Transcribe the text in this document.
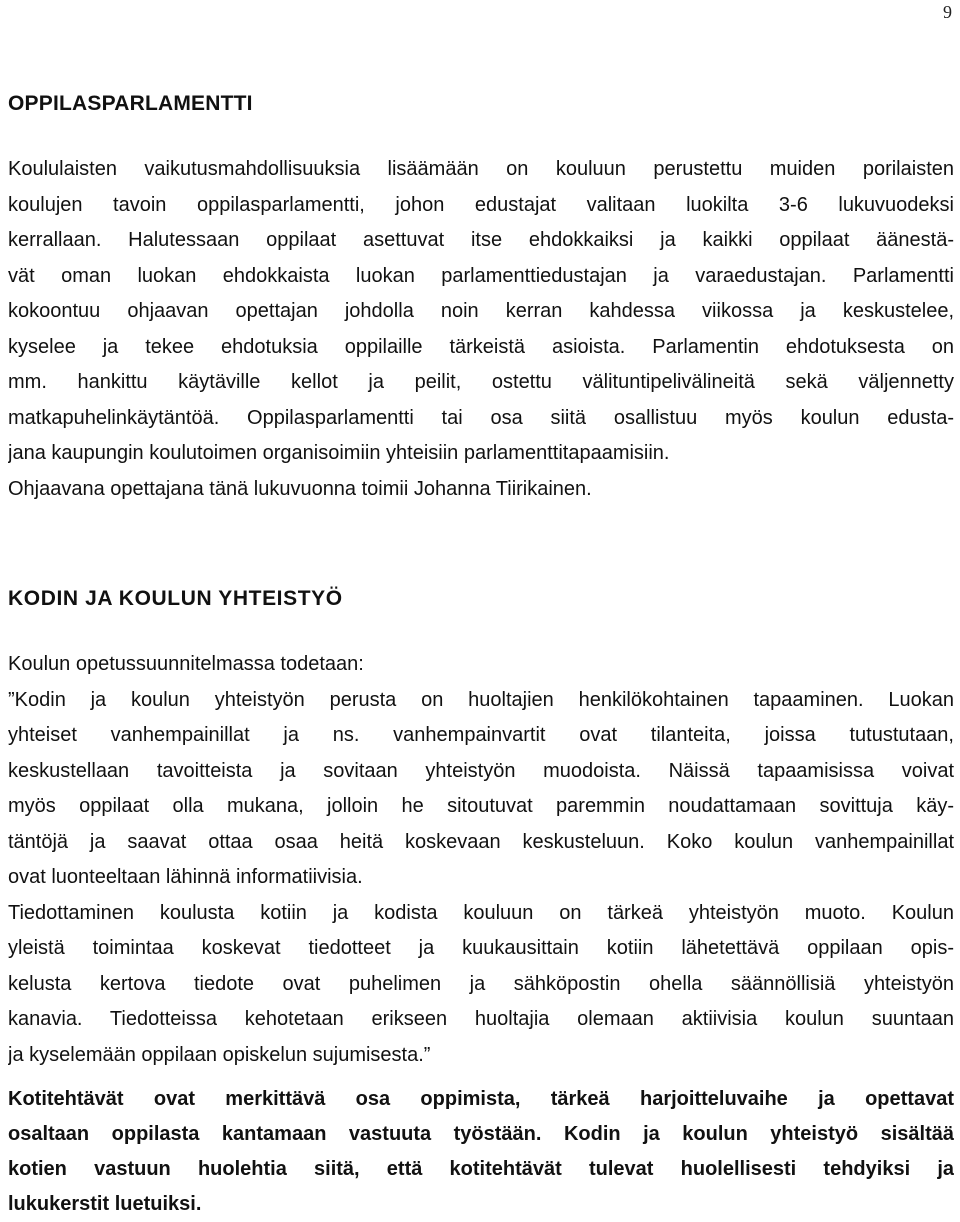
9
OPPILASPARLAMENTTI
Koululaisten vaikutusmahdollisuuksia lisäämään on kouluun perustettu muiden porilaisten
koulujen tavoin oppilasparlamentti, johon edustajat valitaan luokilta 3-6 lukuvuodeksi
kerrallaan. Halutessaan oppilaat asettuvat itse ehdokkaiksi ja kaikki oppilaat äänestä-
vät oman luokan ehdokkaista luokan parlamenttiedustajan ja varaedustajan. Parlamentti
kokoontuu ohjaavan opettajan johdolla noin kerran kahdessa viikossa ja keskustelee,
kyselee ja tekee ehdotuksia oppilaille tärkeistä asioista. Parlamentin ehdotuksesta on
mm. hankittu käytäville kellot ja peilit, ostettu välituntipelivälineitä sekä väljennetty
matkapuhelinkäytäntöä. Oppilasparlamentti tai osa siitä osallistuu myös koulun edusta-
jana kaupungin koulutoimen organisoimiin yhteisiin parlamenttitapaamisiin.
Ohjaavana opettajana tänä lukuvuonna toimii Johanna Tiirikainen.
KODIN JA KOULUN YHTEISTYÖ
Koulun opetussuunnitelmassa todetaan:
”Kodin ja koulun yhteistyön perusta on huoltajien henkilökohtainen tapaaminen. Luokan
yhteiset vanhempainillat ja ns. vanhempainvartit ovat tilanteita, joissa tutustutaan,
keskustellaan tavoitteista ja sovitaan yhteistyön muodoista. Näissä tapaamisissa voivat
myös oppilaat olla mukana, jolloin he sitoutuvat paremmin noudattamaan sovittuja käy-
täntöjä ja saavat ottaa osaa heitä koskevaan keskusteluun. Koko koulun vanhempainillat
ovat luonteeltaan lähinnä informatiivisia.
Tiedottaminen koulusta kotiin ja kodista kouluun on tärkeä yhteistyön muoto. Koulun
yleistä toimintaa koskevat tiedotteet ja kuukausittain kotiin lähetettävä oppilaan opis-
kelusta kertova tiedote ovat puhelimen ja sähköpostin ohella säännöllisiä yhteistyön
kanavia. Tiedotteissa kehotetaan erikseen huoltajia olemaan aktiivisia koulun suuntaan
ja kyselemään oppilaan opiskelun sujumisesta.”
Kotitehtävät ovat merkittävä osa oppimista, tärkeä harjoitteluvaihe ja opettavat
osaltaan oppilasta kantamaan vastuuta työstään. Kodin ja koulun yhteistyö sisältää
kotien vastuun huolehtia siitä, että kotitehtävät tulevat huolellisesti tehdyiksi ja
lukukerstit luetuiksi.
